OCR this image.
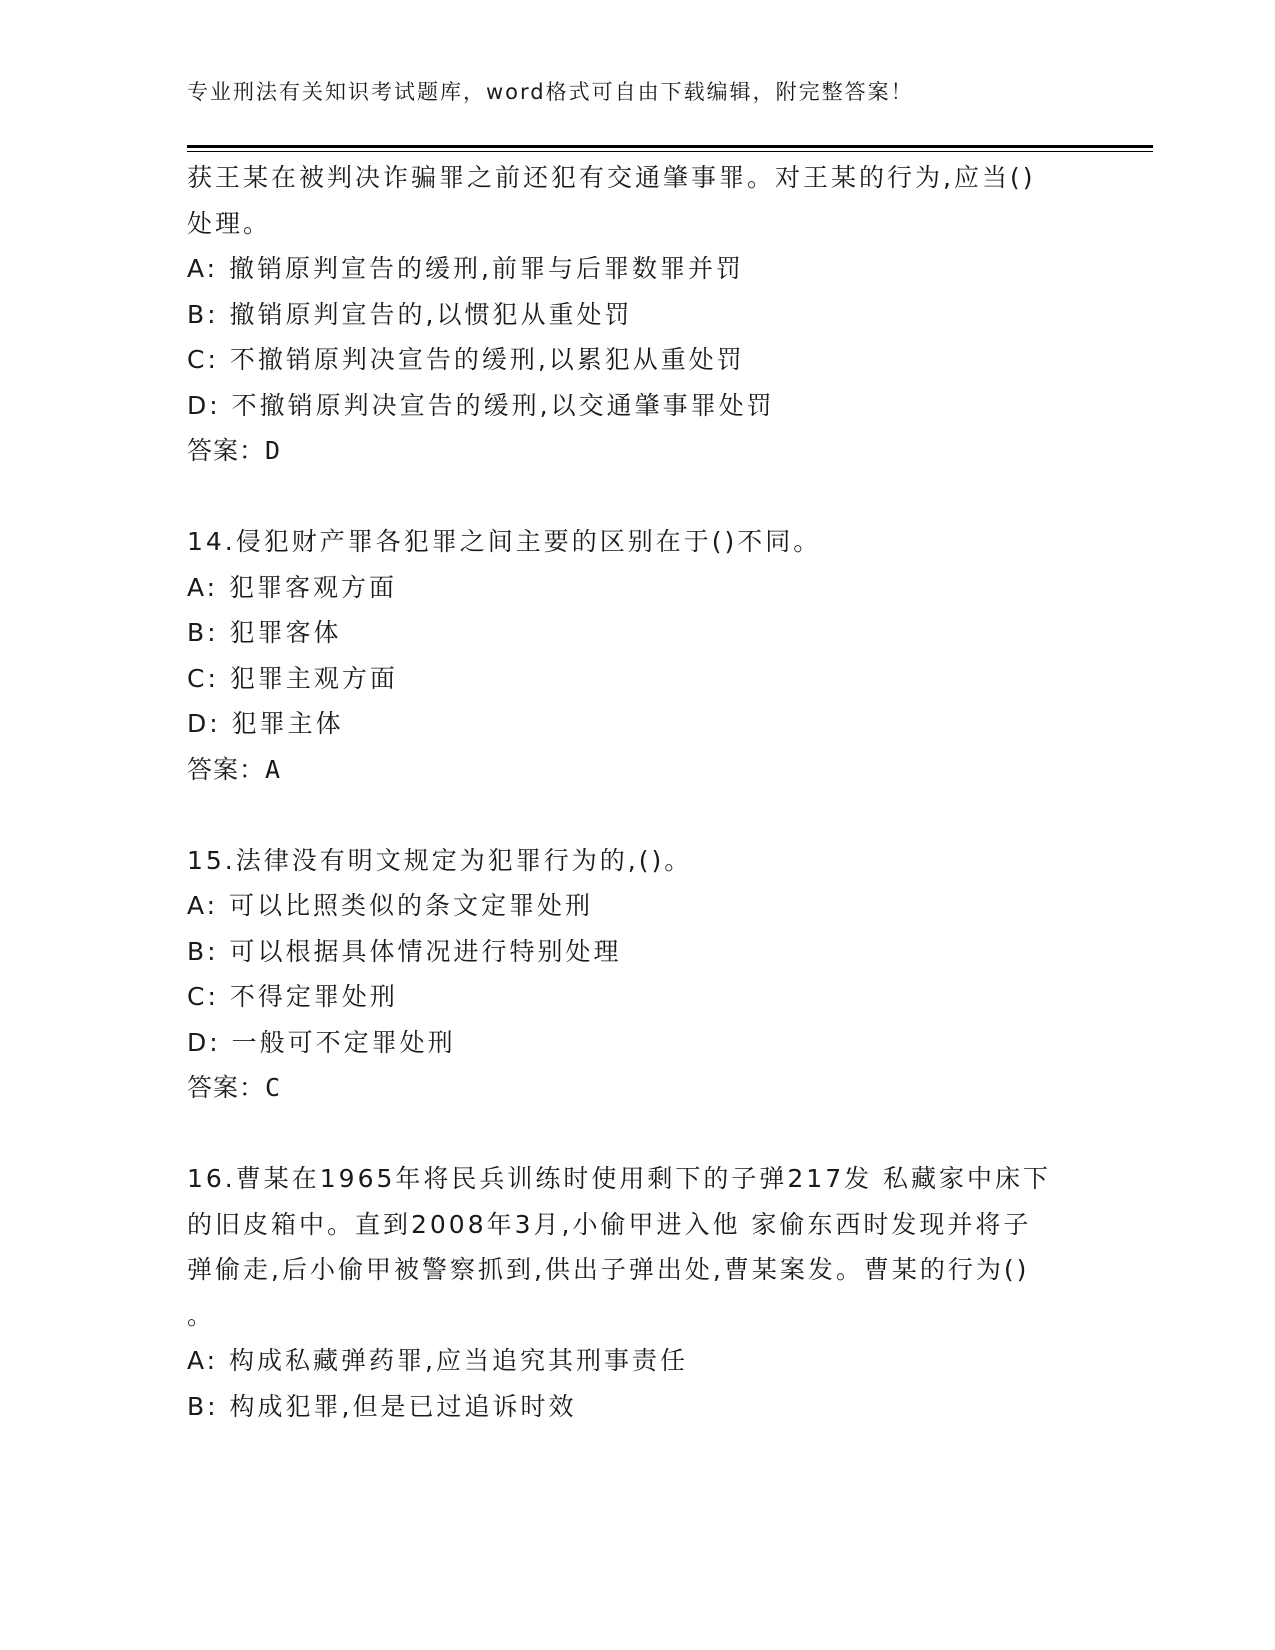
专业刑法有关知识考试题库，word格式可自由下载编辑，附完整答案！
获王某在被判决诈骗罪之前还犯有交通肇事罪。对王某的行为,应当()
处理。
A: 撤销原判宣告的缓刑,前罪与后罪数罪并罚
B: 撤销原判宣告的,以惯犯从重处罚
C: 不撤销原判决宣告的缓刑,以累犯从重处罚
D: 不撤销原判决宣告的缓刑,以交通肇事罪处罚
答案：D
14.侵犯财产罪各犯罪之间主要的区别在于()不同。
A: 犯罪客观方面
B: 犯罪客体
C: 犯罪主观方面
D: 犯罪主体
答案：A
15.法律没有明文规定为犯罪行为的,()。
A: 可以比照类似的条文定罪处刑
B: 可以根据具体情况进行特别处理
C: 不得定罪处刑
D: 一般可不定罪处刑
答案：C
16.曹某在1965年将民兵训练时使用剩下的子弹217发 私藏家中床下
的旧皮箱中。直到2008年3月,小偷甲进入他 家偷东西时发现并将子
弹偷走,后小偷甲被警察抓到,供出子弹出处,曹某案发。曹某的行为()
。
A: 构成私藏弹药罪,应当追究其刑事责任
B: 构成犯罪,但是已过追诉时效
